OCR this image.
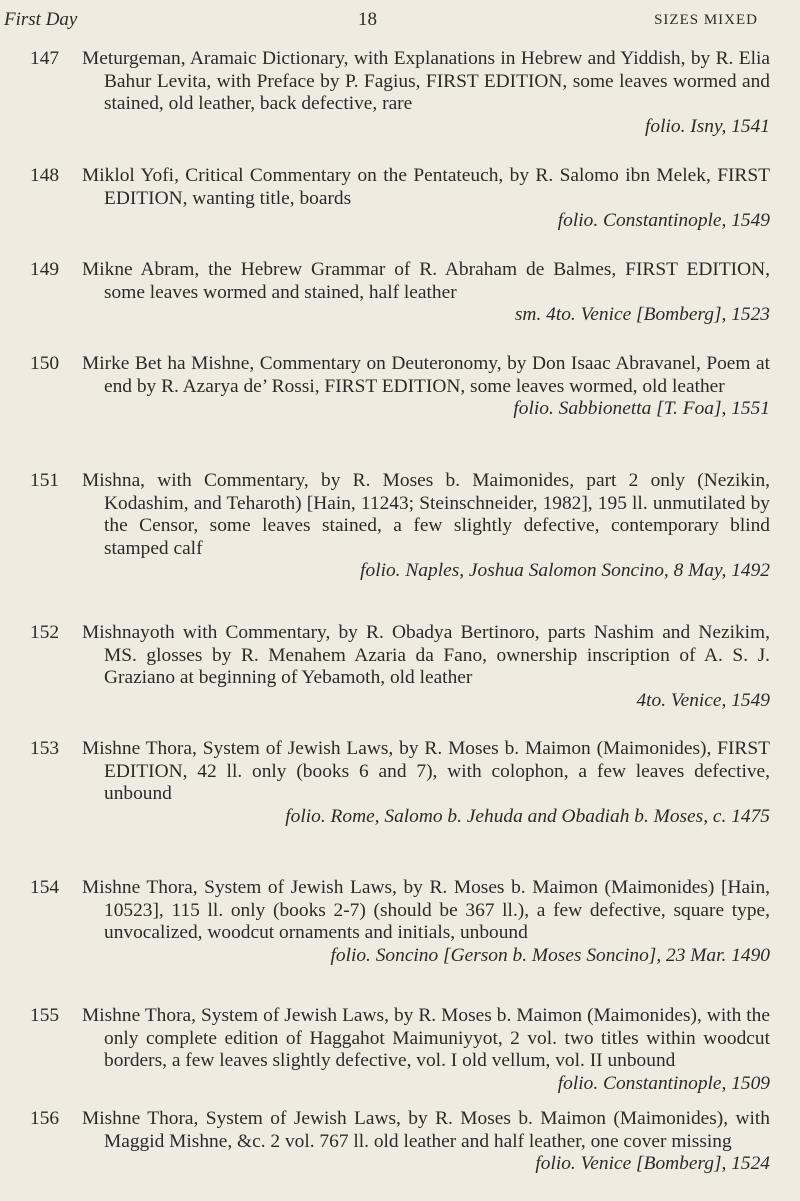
First Day	18	SIZES MIXED
147	Meturgeman, Aramaic Dictionary, with Explanations in Hebrew and Yiddish, by R. Elia Bahur Levita, with Preface by P. Fagius, FIRST EDITION, some leaves wormed and stained, old leather, back defective, rare

folio. Isny, 1541

148	Miklol Yofi, Critical Commentary on the Pentateuch, by R. Salomo ibn Melek, FIRST EDITION, wanting title, boards

folio. Constantinople, 1549

149	Mikne Abram, the Hebrew Grammar of R. Abraham de Balmes, FIRST EDITION, some leaves wormed and stained, half leather

sm. 4to. Venice [Bomberg], 1523

150	Mirke Bet ha Mishne, Commentary on Deuteronomy, by Don Isaac Abravanel, Poem at end by R. Azarya de’ Rossi, FIRST EDITION, some leaves wormed, old leather

folio. Sabbionetta [T. Foa], 1551

151	Mishna, with Commentary, by R. Moses b. Maimonides, part 2 only (Nezikin, Kodashim, and Teharoth) [Hain, 11243; Steinschneider, 1982], 195 ll. unmutilated by the Censor, some leaves stained, a few slightly defective, contemporary blind stamped calf

folio. Naples, Joshua Salomon Soncino, 8 May, 1492

152	Mishnayoth with Commentary, by R. Obadya Bertinoro, parts Nashim and Nezikim, MS. glosses by R. Menahem Azaria da Fano, ownership inscription of A. S. J. Graziano at beginning of Yebamoth, old leather

4to. Venice, 1549

153	Mishne Thora, System of Jewish Laws, by R. Moses b. Maimon (Maimonides), FIRST EDITION, 42 ll. only (books 6 and 7), with colophon, a few leaves defective, unbound

folio. Rome, Salomo b. Jehuda and Obadiah b. Moses, c. 1475

154	Mishne Thora, System of Jewish Laws, by R. Moses b. Maimon (Maimonides) [Hain, 10523], 115 ll. only (books 2-7) (should be 367 ll.), a few defective, square type, unvocalized, woodcut ornaments and initials, unbound

folio. Soncino [Gerson b. Moses Soncino], 23 Mar. 1490

155	Mishne Thora, System of Jewish Laws, by R. Moses b. Maimon (Maimonides), with the only complete edition of Haggahot Maimuniyyot, 2 vol. two titles within woodcut borders, a few leaves slightly defective, vol. I old vellum, vol. II unbound

folio. Constantinople, 1509

156	Mishne Thora, System of Jewish Laws, by R. Moses b. Maimon (Maimonides), with Maggid Mishne, &c. 2 vol. 767 ll. old leather and half leather, one cover missing

folio. Venice [Bomberg], 1524
